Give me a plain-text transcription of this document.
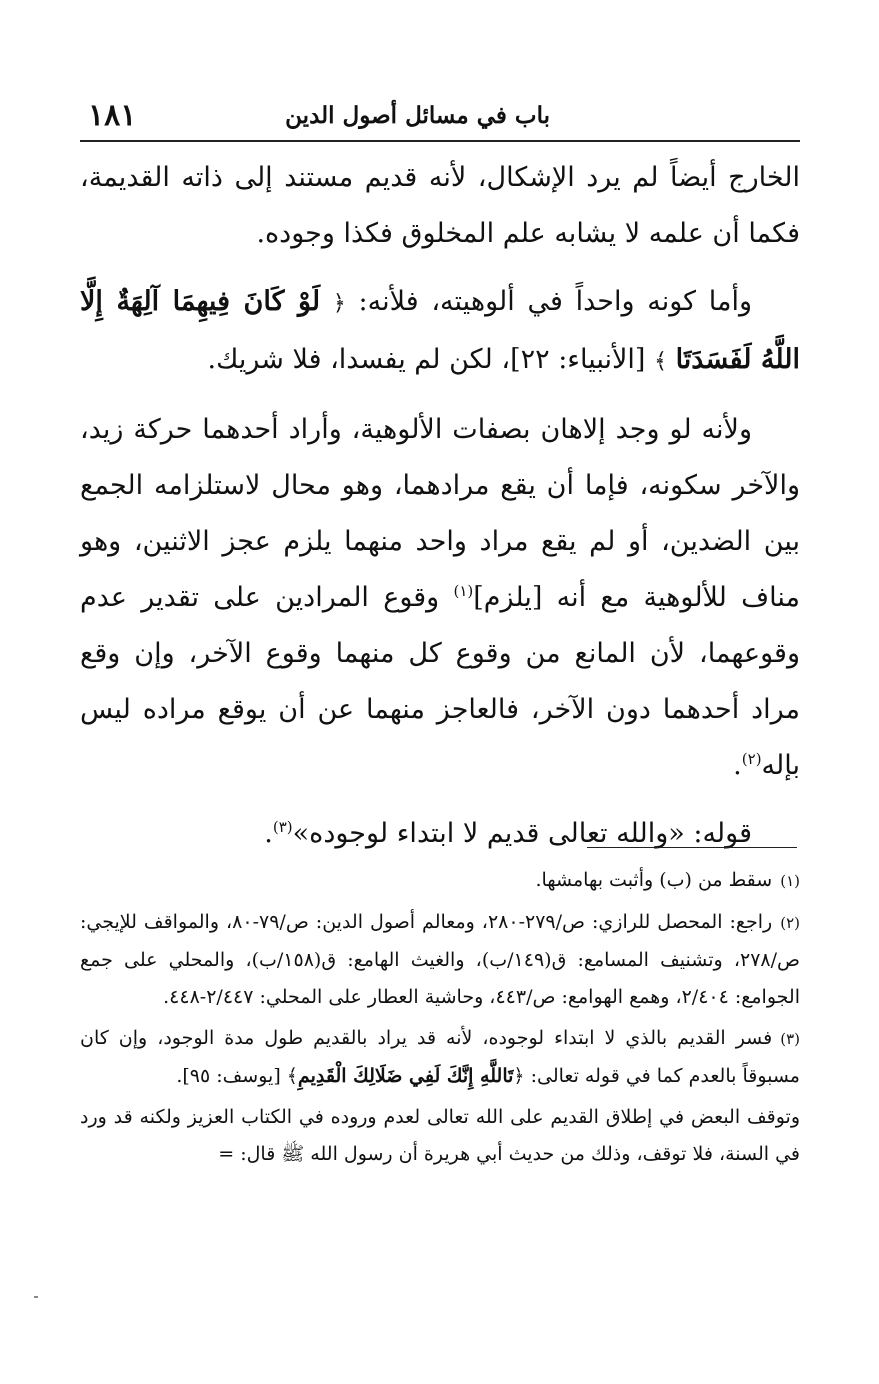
١٨١	باب في مسائل أصول الدين

الخارج أيضاً لم يرد الإشكال، لأنه قديم مستند إلى ذاته القديمة، فكما أن علمه لا يشابه علم المخلوق فكذا وجوده.

وأما كونه واحداً في ألوهيته، فلأنه: ﴿ لَوْ كَانَ فِيهِمَا آلِهَةٌ إِلَّا اللَّهُ لَفَسَدَتَا ﴾ [الأنبياء: ٢٢]، لكن لم يفسدا، فلا شريك.

ولأنه لو وجد إلاهان بصفات الألوهية، وأراد أحدهما حركة زيد، والآخر سكونه، فإما أن يقع مرادهما، وهو محال لاستلزامه الجمع بين الضدين، أو لم يقع مراد واحد منهما يلزم عجز الاثنين، وهو مناف للألوهية مع أنه [يلزم]$^{(١)}$ وقوع المرادين على تقدير عدم وقوعهما، لأن المانع من وقوع كل منهما وقوع الآخر، وإن وقع مراد أحدهما دون الآخر، فالعاجز منهما عن أن يوقع مراده ليس بإله$^{(٢)}$.

قوله: «والله تعالى قديم لا ابتداء لوجوده»$^{(٣)}$.

(١)سقط من (ب) وأثبت بهامشها.

(٢)راجع: المحصل للرازي: ص/٢٧٩-٢٨٠، ومعالم أصول الدين: ص/٧٩-٨٠، والمواقف للإيجي: ص/٢٧٨، وتشنيف المسامع: ق(١٤٩/ب)، والغيث الهامع: ق(١٥٨/ب)، والمحلي على جمع الجوامع: ٢/٤٠٤، وهمع الهوامع: ص/٤٤٣، وحاشية العطار على المحلي: ٢/٤٤٧-٤٤٨.

(٣)فسر القديم بالذي لا ابتداء لوجوده، لأنه قد يراد بالقديم طول مدة الوجود، وإن كان مسبوقاً بالعدم كما في قوله تعالى: ﴿تَاللَّهِ إِنَّكَ لَفِي ضَلَالِكَ الْقَدِيمِ﴾ [يوسف: ٩٥].

وتوقف البعض في إطلاق القديم على الله تعالى لعدم وروده في الكتاب العزيز ولكنه قد ورد في السنة، فلا توقف، وذلك من حديث أبي هريرة أن رسول الله ﷺ قال: =
